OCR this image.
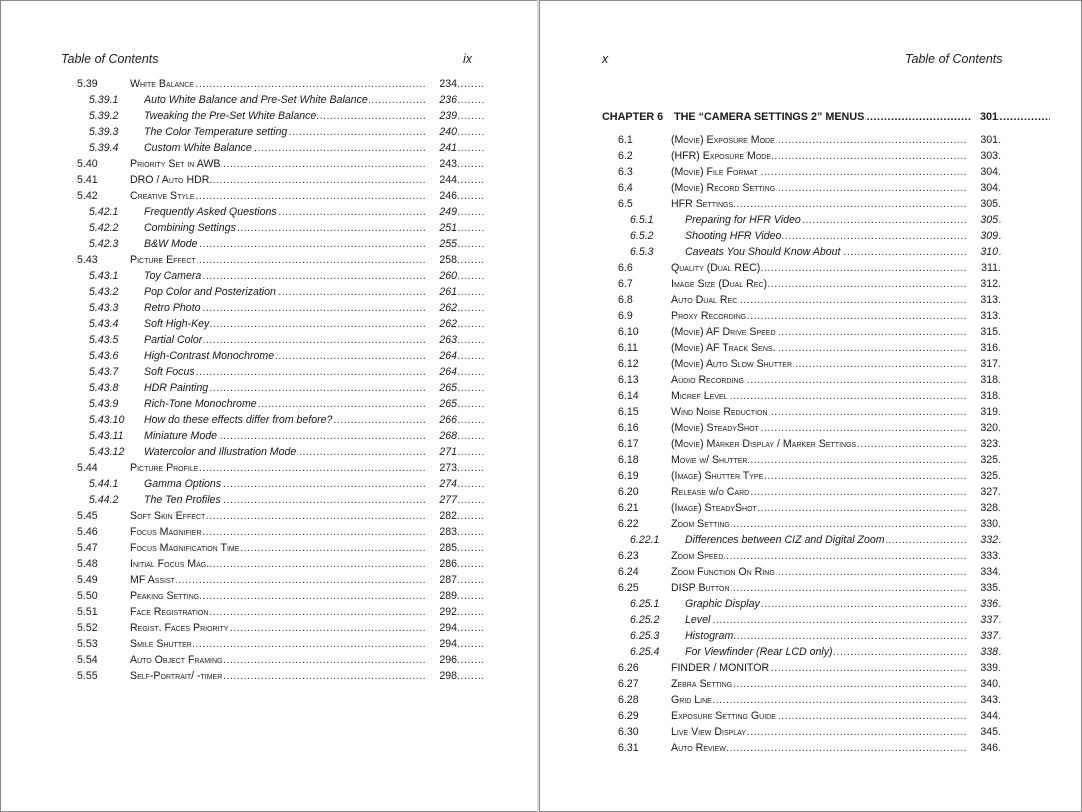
Table of Contents	ix
5.39	White Balance .....	234
5.39.1 Auto White Balance and Pre-Set White Balance .....	236
5.39.2 Tweaking the Pre-Set White Balance .....	239
5.39.3 The Color Temperature setting .....	240
5.39.4 Custom White Balance .....	241
5.40	Priority Set in AWB .....	243
5.41	DRO / Auto HDR .....	244
5.42	Creative Style .....	246
5.42.1 Frequently Asked Questions .....	249
5.42.2 Combining Settings .....	251
5.42.3 B&W Mode .....	255
5.43	Picture Effect .....	258
5.43.1 Toy Camera .....	260
5.43.2 Pop Color and Posterization .....	261
5.43.3 Retro Photo .....	262
5.43.4 Soft High-Key .....	262
5.43.5 Partial Color .....	263
5.43.6 High-Contrast Monochrome .....	264
5.43.7 Soft Focus .....	264
5.43.8 HDR Painting .....	265
5.43.9 Rich-Tone Monochrome .....	265
5.43.10 How do these effects differ from before? .....	266
5.43.11 Miniature Mode .....	268
5.43.12 Watercolor and Illustration Mode .....	271
5.44	Picture Profile .....	273
5.44.1 Gamma Options .....	274
5.44.2 The Ten Profiles .....	277
5.45	Soft Skin Effect .....	282
5.46	Focus Magnifier .....	283
5.47	Focus Magnification Time .....	285
5.48	Initial Focus Mag. .....	286
5.49	MF Assist .....	287
5.50	Peaking Setting .....	289
5.51	Face Registration .....	292
5.52	Regist. Faces Priority .....	294
5.53	Smile Shutter .....	294
5.54	Auto Object Framing .....	296
5.55	Self-Portrait/ -timer .....	298
x	Table of Contents
CHAPTER 6 THE “CAMERA SETTINGS 2” MENUS .....	301
6.1	(Movie) Exposure Mode .....	301
6.2	(HFR) Exposure Mode .....	303
6.3	(Movie) File Format .....	304
6.4	(Movie) Record Setting .....	304
6.5	HFR Settings .....	305
6.5.1	Preparing for HFR Video .....	305
6.5.2	Shooting HFR Video .....	309
6.5.3	Caveats You Should Know About .....	310
6.6	Quality (Dual REC) .....	311
6.7	Image Size (Dual Rec) .....	312
6.8	Auto Dual Rec .....	313
6.9	Proxy Recording .....	313
6.10	(Movie) AF Drive Speed .....	315
6.11	(Movie) AF Track Sens. .....	316
6.12	(Movie) Auto Slow Shutter .....	317
6.13	Audio Recording .....	318
6.14	Micref Level .....	318
6.15	Wind Noise Reduction .....	319
6.16	(Movie) SteadyShot .....	320
6.17	(Movie) Marker Display / Marker Settings .....	323
6.18	Movie w/ Shutter .....	325
6.19	(Image) Shutter Type .....	325
6.20	Release w/o Card .....	327
6.21	(Image) SteadyShot .....	328
6.22	Zoom Setting .....	330
6.22.1 Differences between CIZ and Digital Zoom .....	332
6.23	Zoom Speed .....	333
6.24	Zoom Function On Ring .....	334
6.25	DISP Button .....	335
6.25.1 Graphic Display .....	336
6.25.2 Level .....	337
6.25.3 Histogram .....	337
6.25.4 For Viewfinder (Rear LCD only) .....	338
6.26	FINDER / MONITOR .....	339
6.27	Zebra Setting .....	340
6.28	Grid Line .....	343
6.29	Exposure Setting Guide .....	344
6.30	Live View Display .....	345
6.31	Auto Review .....	346
